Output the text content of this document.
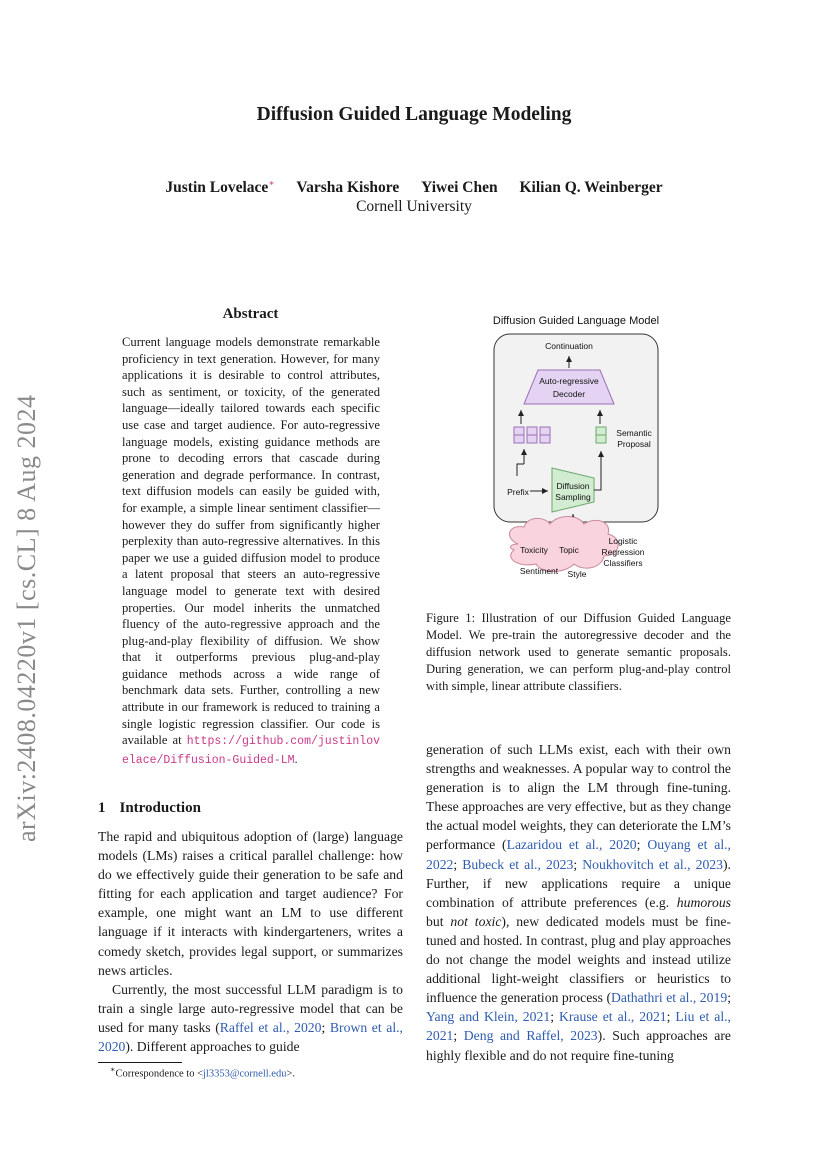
arXiv:2408.04220v1 [cs.CL] 8 Aug 2024
Diffusion Guided Language Modeling
Justin Lovelace∗ Varsha Kishore Yiwei Chen Kilian Q. Weinberger
Cornell University
Abstract
Current language models demonstrate remarkable proficiency in text generation. However, for many applications it is desirable to control attributes, such as sentiment, or toxicity, of the generated language—ideally tailored towards each specific use case and target audience. For auto-regressive language models, existing guidance methods are prone to decoding errors that cascade during generation and degrade performance. In contrast, text diffusion models can easily be guided with, for example, a simple linear sentiment classifier—however they do suffer from significantly higher perplexity than auto-regressive alternatives. In this paper we use a guided diffusion model to produce a latent proposal that steers an auto-regressive language model to generate text with desired properties. Our model inherits the unmatched fluency of the auto-regressive approach and the plug-and-play flexibility of diffusion. We show that it outperforms previous plug-and-play guidance methods across a wide range of benchmark data sets. Further, controlling a new attribute in our framework is reduced to training a single logistic regression classifier. Our code is available at https://github.com/justinlovelace/Diffusion-Guided-LM.
1 Introduction

The rapid and ubiquitous adoption of (large) language models (LMs) raises a critical parallel challenge: how do we effectively guide their generation to be safe and fitting for each application and target audience? For example, one might want an LM to use different language if it interacts with kindergarteners, writes a comedy sketch, provides legal support, or summarizes news articles.

Currently, the most successful LLM paradigm is to train a single large auto-regressive model that can be used for many tasks (Raffel et al., 2020; Brown et al., 2020). Different approaches to guide

∗Correspondence to <jl3353@cornell.edu>.
Diffusion Guided Language Model
Continuation
Auto-regressive
Decoder
Semantic
Proposal
Prefix
Diffusion
Sampling
Toxicity Topic
Sentiment Style
Logistic
Regression
Classifiers
Figure 1: Illustration of our Diffusion Guided Language Model. We pre-train the autoregressive decoder and the diffusion network used to generate semantic proposals. During generation, we can perform plug-and-play control with simple, linear attribute classifiers.

generation of such LLMs exist, each with their own strengths and weaknesses. A popular way to control the generation is to align the LM through fine-tuning. These approaches are very effective, but as they change the actual model weights, they can deteriorate the LM’s performance (Lazaridou et al., 2020; Ouyang et al., 2022; Bubeck et al., 2023; Noukhovitch et al., 2023). Further, if new applications require a unique combination of attribute preferences (e.g. humorous but not toxic), new dedicated models must be fine-tuned and hosted. In contrast, plug and play approaches do not change the model weights and instead utilize additional light-weight classifiers or heuristics to influence the generation process (Dathathri et al., 2019; Yang and Klein, 2021; Krause et al., 2021; Liu et al., 2021; Deng and Raffel, 2023). Such approaches are highly flexible and do not require fine-tuning
